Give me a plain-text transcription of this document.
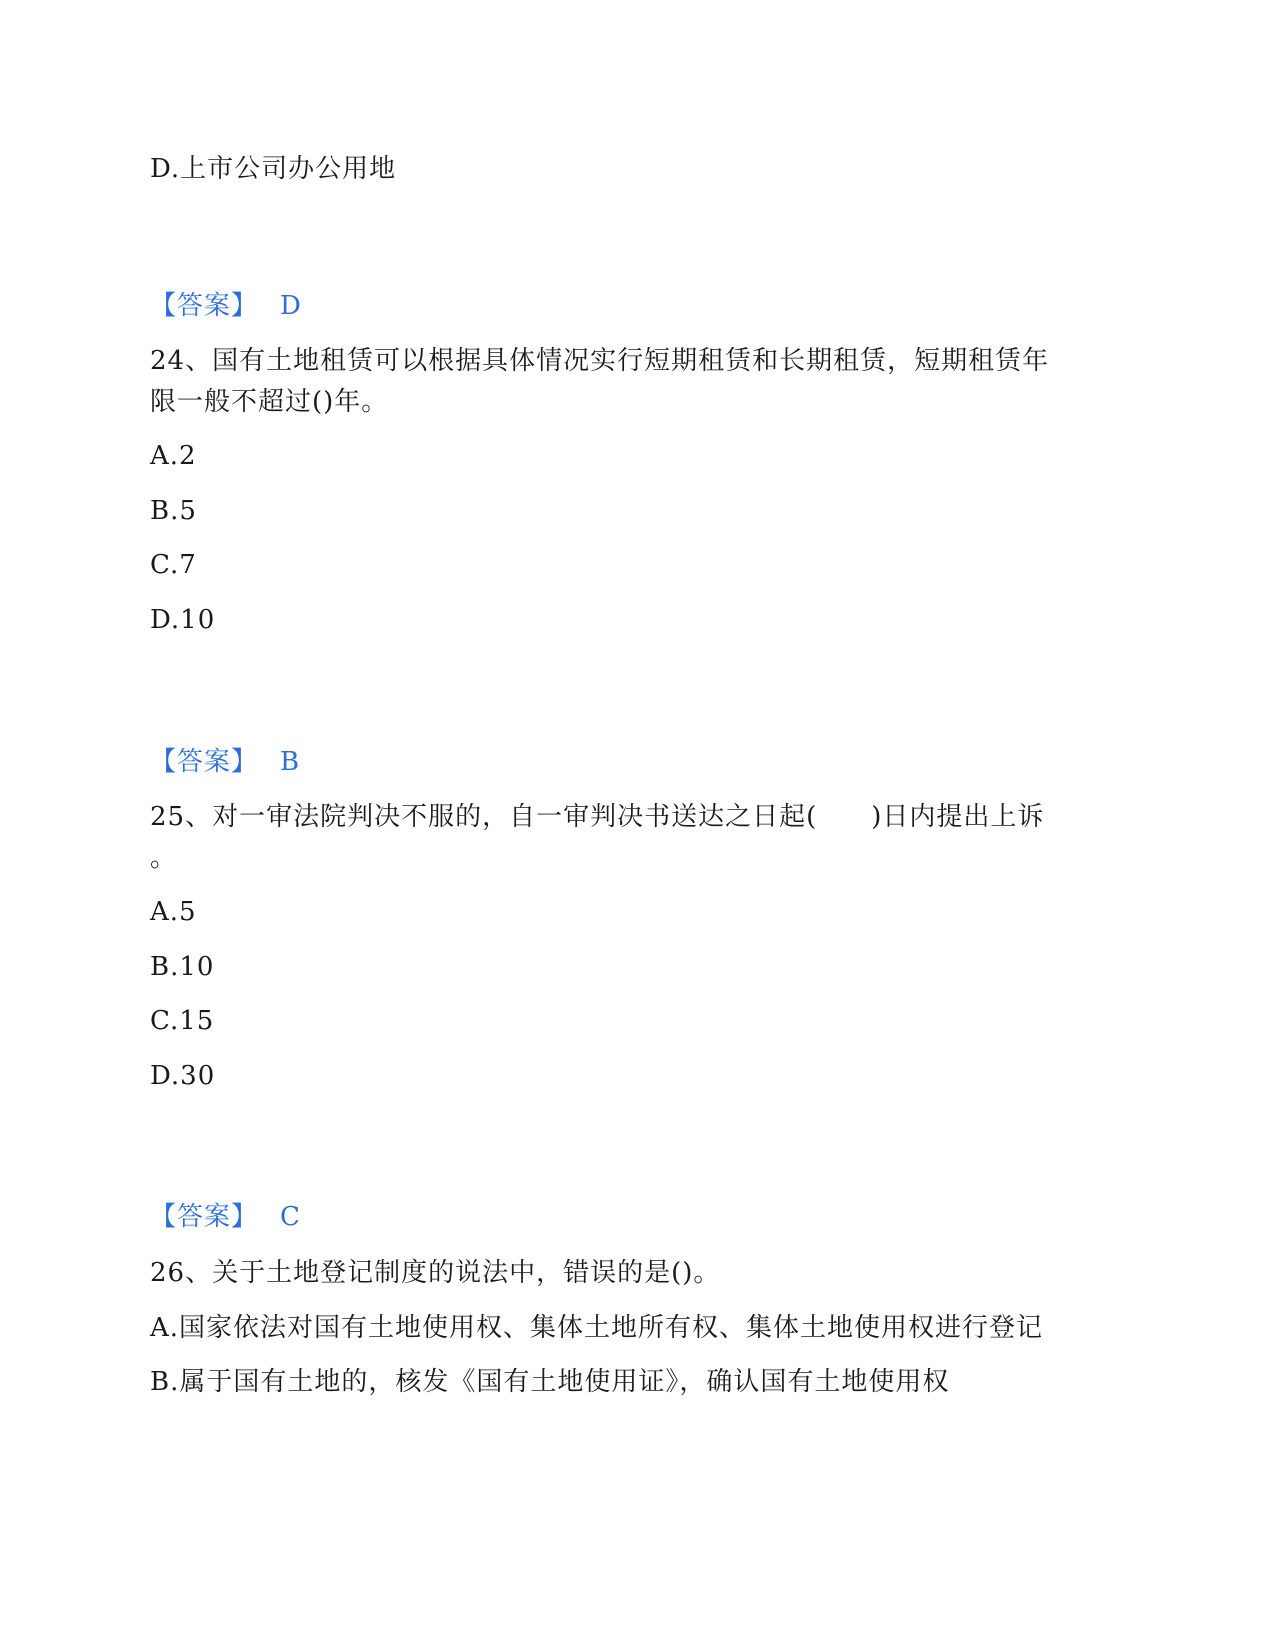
D.上市公司办公用地
【答案】 D
24、国有土地租赁可以根据具体情况实行短期租赁和长期租赁，短期租赁年
限一般不超过()年。
A.2
B.5
C.7
D.10
【答案】 B
25、对一审法院判决不服的，自一审判决书送达之日起(　　)日内提出上诉
。
A.5
B.10
C.15
D.30
【答案】 C
26、关于土地登记制度的说法中，错误的是()。
A.国家依法对国有土地使用权、集体土地所有权、集体土地使用权进行登记
B.属于国有土地的，核发《国有土地使用证》，确认国有土地使用权
